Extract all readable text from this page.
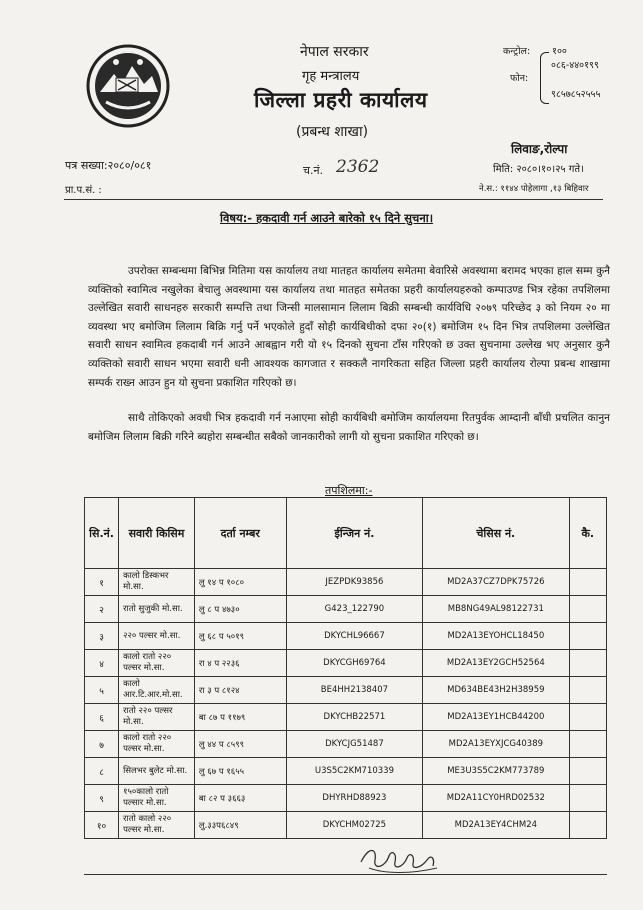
नेपाल सरकार
गृह मन्त्रालय
जिल्ला प्रहरी कार्यालय
(प्रबन्ध शाखा)
कन्ट्रोल: १००
०८६-४४०१९९
फोन:
९८५७८५२५५५
लिवाङ,रोल्पा
पत्र सख्या:२०८०/०८१	च.नं. 2362	मिति: २०८०।१०।२५ गते।
प्रा.प.सं. :	ने.स.: ११४४ पोहेलागा ,१३ बिहिवार
विषय:- हकदावी गर्न आउने बारेको १५ दिने सुचना।
उपरोक्त सम्बन्धमा बिभिन्न मितिमा यस कार्यालय तथा मातहत कार्यालय समेतमा बेवारिसे अवस्थामा बरामद भएका हाल सम्म कुनै व्यक्तिको स्वामित्व नखुलेका बेचालु अवस्थामा यस कार्यालय तथा मातहत समेतका प्रहरी कार्यालयहरुको कम्पाउण्ड भित्र रहेका तपशिलमा उल्लेखित सवारी साधनहरु सरकारी सम्पत्ति तथा जिन्सी मालसामान लिलाम बिक्री सम्बन्धी कार्यविधि २०७९ परिच्छेद ३ को नियम २० मा व्यवस्था भए बमोजिम लिलाम बिक्रि गर्नु पर्ने भएकोले हुदाँ सोही कार्यबिधीको दफा २०(१) बमोजिम १५ दिन भित्र तपशिलमा उल्लेखित सवारी साधन स्वामित्व हकदाबी गर्न आउने आबह्वान गरी यो १५ दिनको सुचना टाँस गरिएको छ उक्त सुचनामा उल्लेख भए अनुसार कुनै व्यक्तिको सवारी साधन भएमा सवारी धनी आवश्यक कागजात र सक्कलै नागरिकता सहित जिल्ला प्रहरी कार्यालय रोल्पा प्रबन्ध शाखामा सम्पर्क राख्न आउन हुन यो सुचना प्रकाशित गरिएको छ।
साथै तोकिएको अवधी भित्र हकदावी गर्न नआएमा सोही कार्यबिधी बमोजिम कार्यालयमा रितपुर्वक आम्दानी बाँधी प्रचलित कानुन बमोजिम लिलाम बिक्री गरिने ब्यहोरा सम्बन्धीत सबैको जानकारीको लागी यो सुचना प्रकाशित गरिएको छ।
तपशिलमा:-
सि.नं.	सवारी किसिम	दर्ता नम्बर	ईन्जिन नं.	चेसिस नं.	कै.
१	कालो डिस्कभर मो.सा.	लु १४ प १०८०	JEZPDK93856	MD2A37CZ7DPK75726	
२	रातो सुजुकी मो.सा.	लु ८ प ४७३०	G423_122790	MB8NG49AL98122731	
३	२२० पल्सर मो.सा.	लु ६८ प ५०१९	DKYCHL96667	MD2A13EYOHCL18450	
४	कालो रातो २२० पल्सर मो.सा.	रा ४ प २२३६	DKYCGH69764	MD2A13EY2GCH52564	
५	कालो आर.टि.आर.मो.सा.	रा ३ प ८१२४	BE4HH2138407	MD634BE43H2H38959	
६	रातो २२० पल्सर मो.सा.	बा ८७ प ११७९	DKYCHB22571	MD2A13EY1HCB44200	
७	कालो रातो २२० पल्सर मो.सा.	लु ४४ प ८५९९	DKYCJG51487	MD2A13EYXJCG40389	
८	सिलभर बुलेट मो.सा.	लु ६७ प १६५५	U3S5C2KM710339	ME3U3S5C2KM773789	
९	१५०कालो रातो पल्सार मो.सा.	बा ८२ प ३६६३	DHYRHD88923	MD2A11CY0HRD02532	
१०	रातो कालो २२० पल्सर मो.सा.	लु.३३प६८४९	DKYCHM02725	MD2A13EY4CHM24	
